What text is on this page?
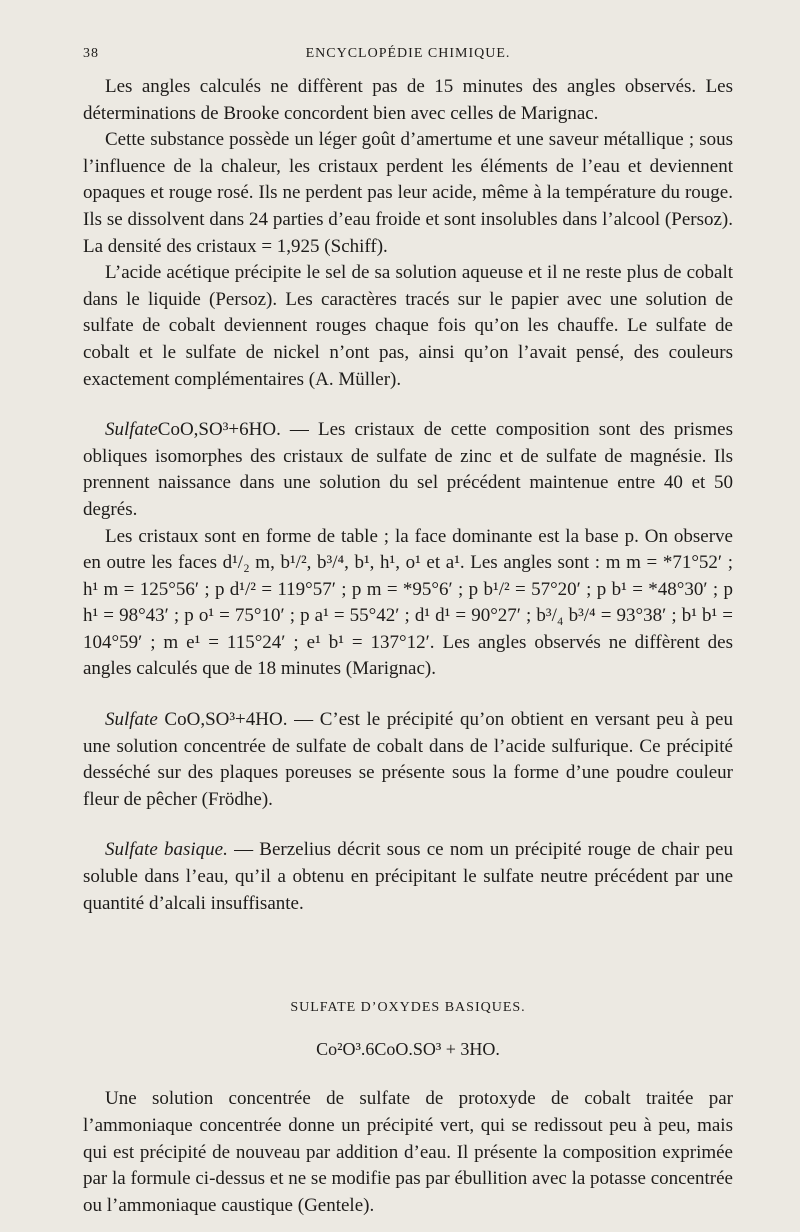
38	ENCYCLOPÉDIE CHIMIQUE.

Les angles calculés ne diffèrent pas de 15 minutes des angles observés. Les déterminations de Brooke concordent bien avec celles de Marignac.

Cette substance possède un léger goût d’amertume et une saveur métallique ; sous l’influence de la chaleur, les cristaux perdent les éléments de l’eau et deviennent opaques et rouge rosé. Ils ne perdent pas leur acide, même à la température du rouge. Ils se dissolvent dans 24 parties d’eau froide et sont insolubles dans l’alcool (Persoz). La densité des cristaux = 1,925 (Schiff).

L’acide acétique précipite le sel de sa solution aqueuse et il ne reste plus de cobalt dans le liquide (Persoz). Les caractères tracés sur le papier avec une solution de sulfate de cobalt deviennent rouges chaque fois qu’on les chauffe. Le sulfate de cobalt et le sulfate de nickel n’ont pas, ainsi qu’on l’avait pensé, des couleurs exactement complémentaires (A. Müller).

SulfateCoO,SO³+6HO. — Les cristaux de cette composition sont des prismes obliques isomorphes des cristaux de sulfate de zinc et de sulfate de magnésie. Ils prennent naissance dans une solution du sel précédent maintenue entre 40 et 50 degrés.

Les cristaux sont en forme de table ; la face dominante est la base p. On observe en outre les faces d¹/₂ m, b¹/², b³/⁴, b¹, h¹, o¹ et a¹. Les angles sont : m m = *71°52′ ; h¹ m = 125°56′ ; p d¹/² = 119°57′ ; p m = *95°6′ ; p b¹/² = 57°20′ ; p b¹ = *48°30′ ; p h¹ = 98°43′ ; p o¹ = 75°10′ ; p a¹ = 55°42′ ; d¹ d¹ = 90°27′ ; b³/₄ b³/⁴ = 93°38′ ; b¹ b¹ = 104°59′ ; m e¹ = 115°24′ ; e¹ b¹ = 137°12′. Les angles observés ne diffèrent des angles calculés que de 18 minutes (Marignac).

Sulfate CoO,SO³+4HO. — C’est le précipité qu’on obtient en versant peu à peu une solution concentrée de sulfate de cobalt dans de l’acide sulfurique. Ce précipité desséché sur des plaques poreuses se présente sous la forme d’une poudre couleur fleur de pêcher (Frödhe).

Sulfate basique. — Berzelius décrit sous ce nom un précipité rouge de chair peu soluble dans l’eau, qu’il a obtenu en précipitant le sulfate neutre précédent par une quantité d’alcali insuffisante.

SULFATE D’OXYDES BASIQUES.

Co²O³.6CoO.SO³ + 3HO.

Une solution concentrée de sulfate de protoxyde de cobalt traitée par l’ammoniaque concentrée donne un précipité vert, qui se redissout peu à peu, mais qui est précipité de nouveau par addition d’eau. Il présente la composition exprimée par la formule ci-dessus et ne se modifie pas par ébullition avec la potasse concentrée ou l’ammoniaque caustique (Gentele).
